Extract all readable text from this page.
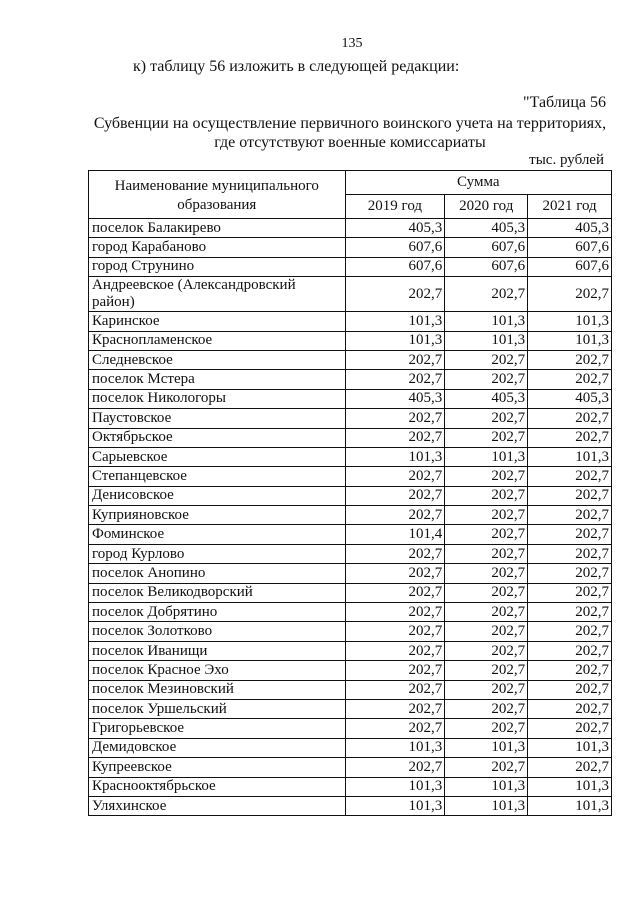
135
к) таблицу 56 изложить в следующей редакции:
"Таблица 56
Субвенции на осуществление первичного воинского учета на территориях,
где отсутствуют военные комиссариаты
тыс. рублей
Наименование муниципального образования	Сумма		
	2019 год	2020 год	2021 год
поселок Балакирево	405,3	405,3	405,3
город Карабаново	607,6	607,6	607,6
город Струнино	607,6	607,6	607,6
Андреевское (Александровский район)	202,7	202,7	202,7
Каринское	101,3	101,3	101,3
Краснопламенское	101,3	101,3	101,3
Следневское	202,7	202,7	202,7
поселок Мстера	202,7	202,7	202,7
поселок Никологоры	405,3	405,3	405,3
Паустовское	202,7	202,7	202,7
Октябрьское	202,7	202,7	202,7
Сарыевское	101,3	101,3	101,3
Степанцевское	202,7	202,7	202,7
Денисовское	202,7	202,7	202,7
Куприяновское	202,7	202,7	202,7
Фоминское	101,4	202,7	202,7
город Курлово	202,7	202,7	202,7
поселок Анопино	202,7	202,7	202,7
поселок Великодворский	202,7	202,7	202,7
поселок Добрятино	202,7	202,7	202,7
поселок Золотково	202,7	202,7	202,7
поселок Иванищи	202,7	202,7	202,7
поселок Красное Эхо	202,7	202,7	202,7
поселок Мезиновский	202,7	202,7	202,7
поселок Уршельский	202,7	202,7	202,7
Григорьевское	202,7	202,7	202,7
Демидовское	101,3	101,3	101,3
Купреевское	202,7	202,7	202,7
Краснооктябрьское	101,3	101,3	101,3
Уляхинское	101,3	101,3	101,3
